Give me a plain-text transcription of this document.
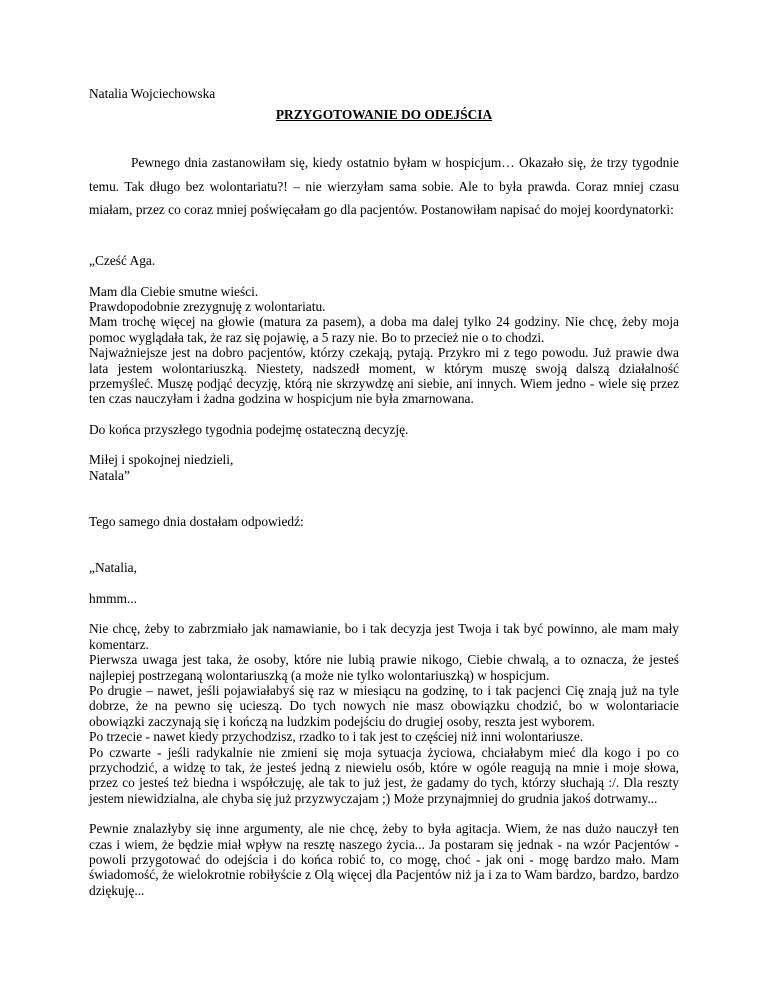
Natalia Wojciechowska

PRZYGOTOWANIE DO ODEJŚCIA

Pewnego dnia zastanowiłam się, kiedy ostatnio byłam w hospicjum… Okazało się, że trzy tygodnie temu. Tak długo bez wolontariatu?! – nie wierzyłam sama sobie. Ale to była prawda. Coraz mniej czasu miałam, przez co coraz mniej poświęcałam go dla pacjentów. Postanowiłam napisać do mojej koordynatorki:

„Cześć Aga.

Mam dla Ciebie smutne wieści.
Prawdopodobnie zrezygnuję z wolontariatu.
Mam trochę więcej na głowie (matura za pasem), a doba ma dalej tylko 24 godziny. Nie chcę, żeby moja pomoc wyglądała tak, że raz się pojawię, a 5 razy nie. Bo to przecież nie o to chodzi.
Najważniejsze jest na dobro pacjentów, którzy czekają, pytają. Przykro mi z tego powodu. Już prawie dwa lata jestem wolontariuszką. Niestety, nadszedł moment, w którym muszę swoją dalszą działalność przemyśleć. Muszę podjąć decyzję, którą nie skrzywdzę ani siebie, ani innych. Wiem jedno - wiele się przez ten czas nauczyłam i żadna godzina w hospicjum nie była zmarnowana.

Do końca przyszłego tygodnia podejmę ostateczną decyzję.

Miłej i spokojnej niedzieli,
Natala”

Tego samego dnia dostałam odpowiedź:

„Natalia,

hmmm...

Nie chcę, żeby to zabrzmiało jak namawianie, bo i tak decyzja jest Twoja i tak być powinno, ale mam mały komentarz.
Pierwsza uwaga jest taka, że osoby, które nie lubią prawie nikogo, Ciebie chwalą, a to oznacza, że jesteś najlepiej postrzeganą wolontariuszką (a może nie tylko wolontariuszką) w hospicjum.
Po drugie – nawet, jeśli pojawiałabyś się raz w miesiącu na godzinę, to i tak pacjenci Cię znają już na tyle dobrze, że na pewno się ucieszą. Do tych nowych nie masz obowiązku chodzić, bo w wolontariacie obowiązki zaczynają się i kończą na ludzkim podejściu do drugiej osoby, reszta jest wyborem.
Po trzecie - nawet kiedy przychodzisz, rzadko to i tak jest to częściej niż inni wolontariusze.
Po czwarte - jeśli radykalnie nie zmieni się moja sytuacja życiowa, chciałabym mieć dla kogo i po co przychodzić, a widzę to tak, że jesteś jedną z niewielu osób, które w ogóle reagują na mnie i moje słowa, przez co jesteś też biedna i współczuję, ale tak to już jest, że gadamy do tych, którzy słuchają :/. Dla reszty jestem niewidzialna, ale chyba się już przyzwyczajam ;) Może przynajmniej do grudnia jakoś dotrwamy...

Pewnie znalazłyby się inne argumenty, ale nie chcę, żeby to była agitacja. Wiem, że nas dużo nauczył ten czas i wiem, że będzie miał wpływ na resztę naszego życia... Ja postaram się jednak - na wzór Pacjentów - powoli przygotować do odejścia i do końca robić to, co mogę, choć - jak oni - mogę bardzo mało. Mam świadomość, że wielokrotnie robiłyście z Olą więcej dla Pacjentów niż ja i za to Wam bardzo, bardzo, bardzo dziękuję...
